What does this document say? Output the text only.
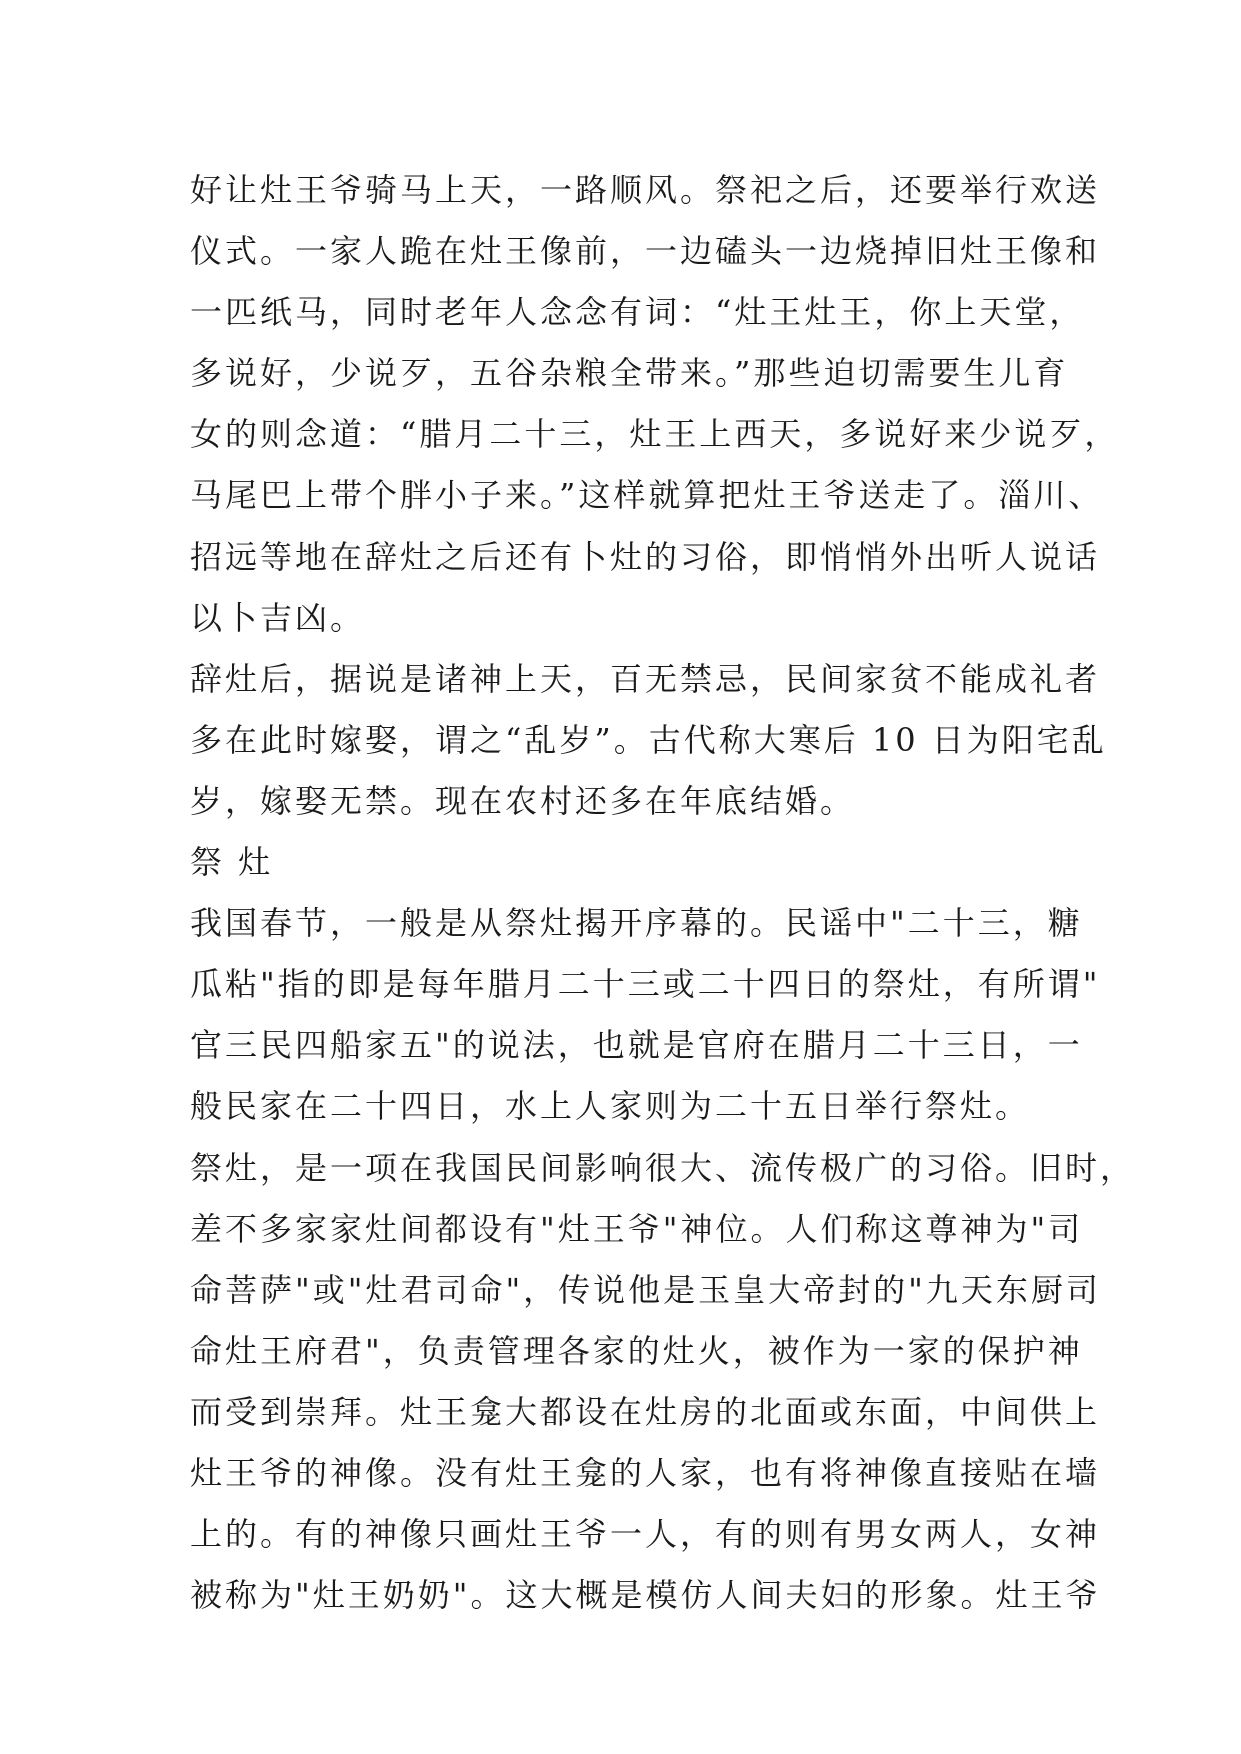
好让灶王爷骑马上天，一路顺风。祭祀之后，还要举行欢送
仪式。一家人跪在灶王像前，一边磕头一边烧掉旧灶王像和
一匹纸马，同时老年人念念有词：“灶王灶王，你上天堂，
多说好，少说歹，五谷杂粮全带来。”那些迫切需要生儿育
女的则念道：“腊月二十三，灶王上西天，多说好来少说歹，
马尾巴上带个胖小子来。”这样就算把灶王爷送走了。淄川、
招远等地在辞灶之后还有卜灶的习俗，即悄悄外出听人说话
以卜吉凶。
辞灶后，据说是诸神上天，百无禁忌，民间家贫不能成礼者
多在此时嫁娶，谓之“乱岁”。古代称大寒后 10 日为阳宅乱
岁，嫁娶无禁。现在农村还多在年底结婚。
祭 灶
我国春节，一般是从祭灶揭开序幕的。民谣中"二十三，糖
瓜粘"指的即是每年腊月二十三或二十四日的祭灶，有所谓"
官三民四船家五"的说法，也就是官府在腊月二十三日，一
般民家在二十四日，水上人家则为二十五日举行祭灶。
祭灶，是一项在我国民间影响很大、流传极广的习俗。旧时，
差不多家家灶间都设有"灶王爷"神位。人们称这尊神为"司
命菩萨"或"灶君司命"，传说他是玉皇大帝封的"九天东厨司
命灶王府君"，负责管理各家的灶火，被作为一家的保护神
而受到崇拜。灶王龛大都设在灶房的北面或东面，中间供上
灶王爷的神像。没有灶王龛的人家，也有将神像直接贴在墙
上的。有的神像只画灶王爷一人，有的则有男女两人，女神
被称为"灶王奶奶"。这大概是模仿人间夫妇的形象。灶王爷
